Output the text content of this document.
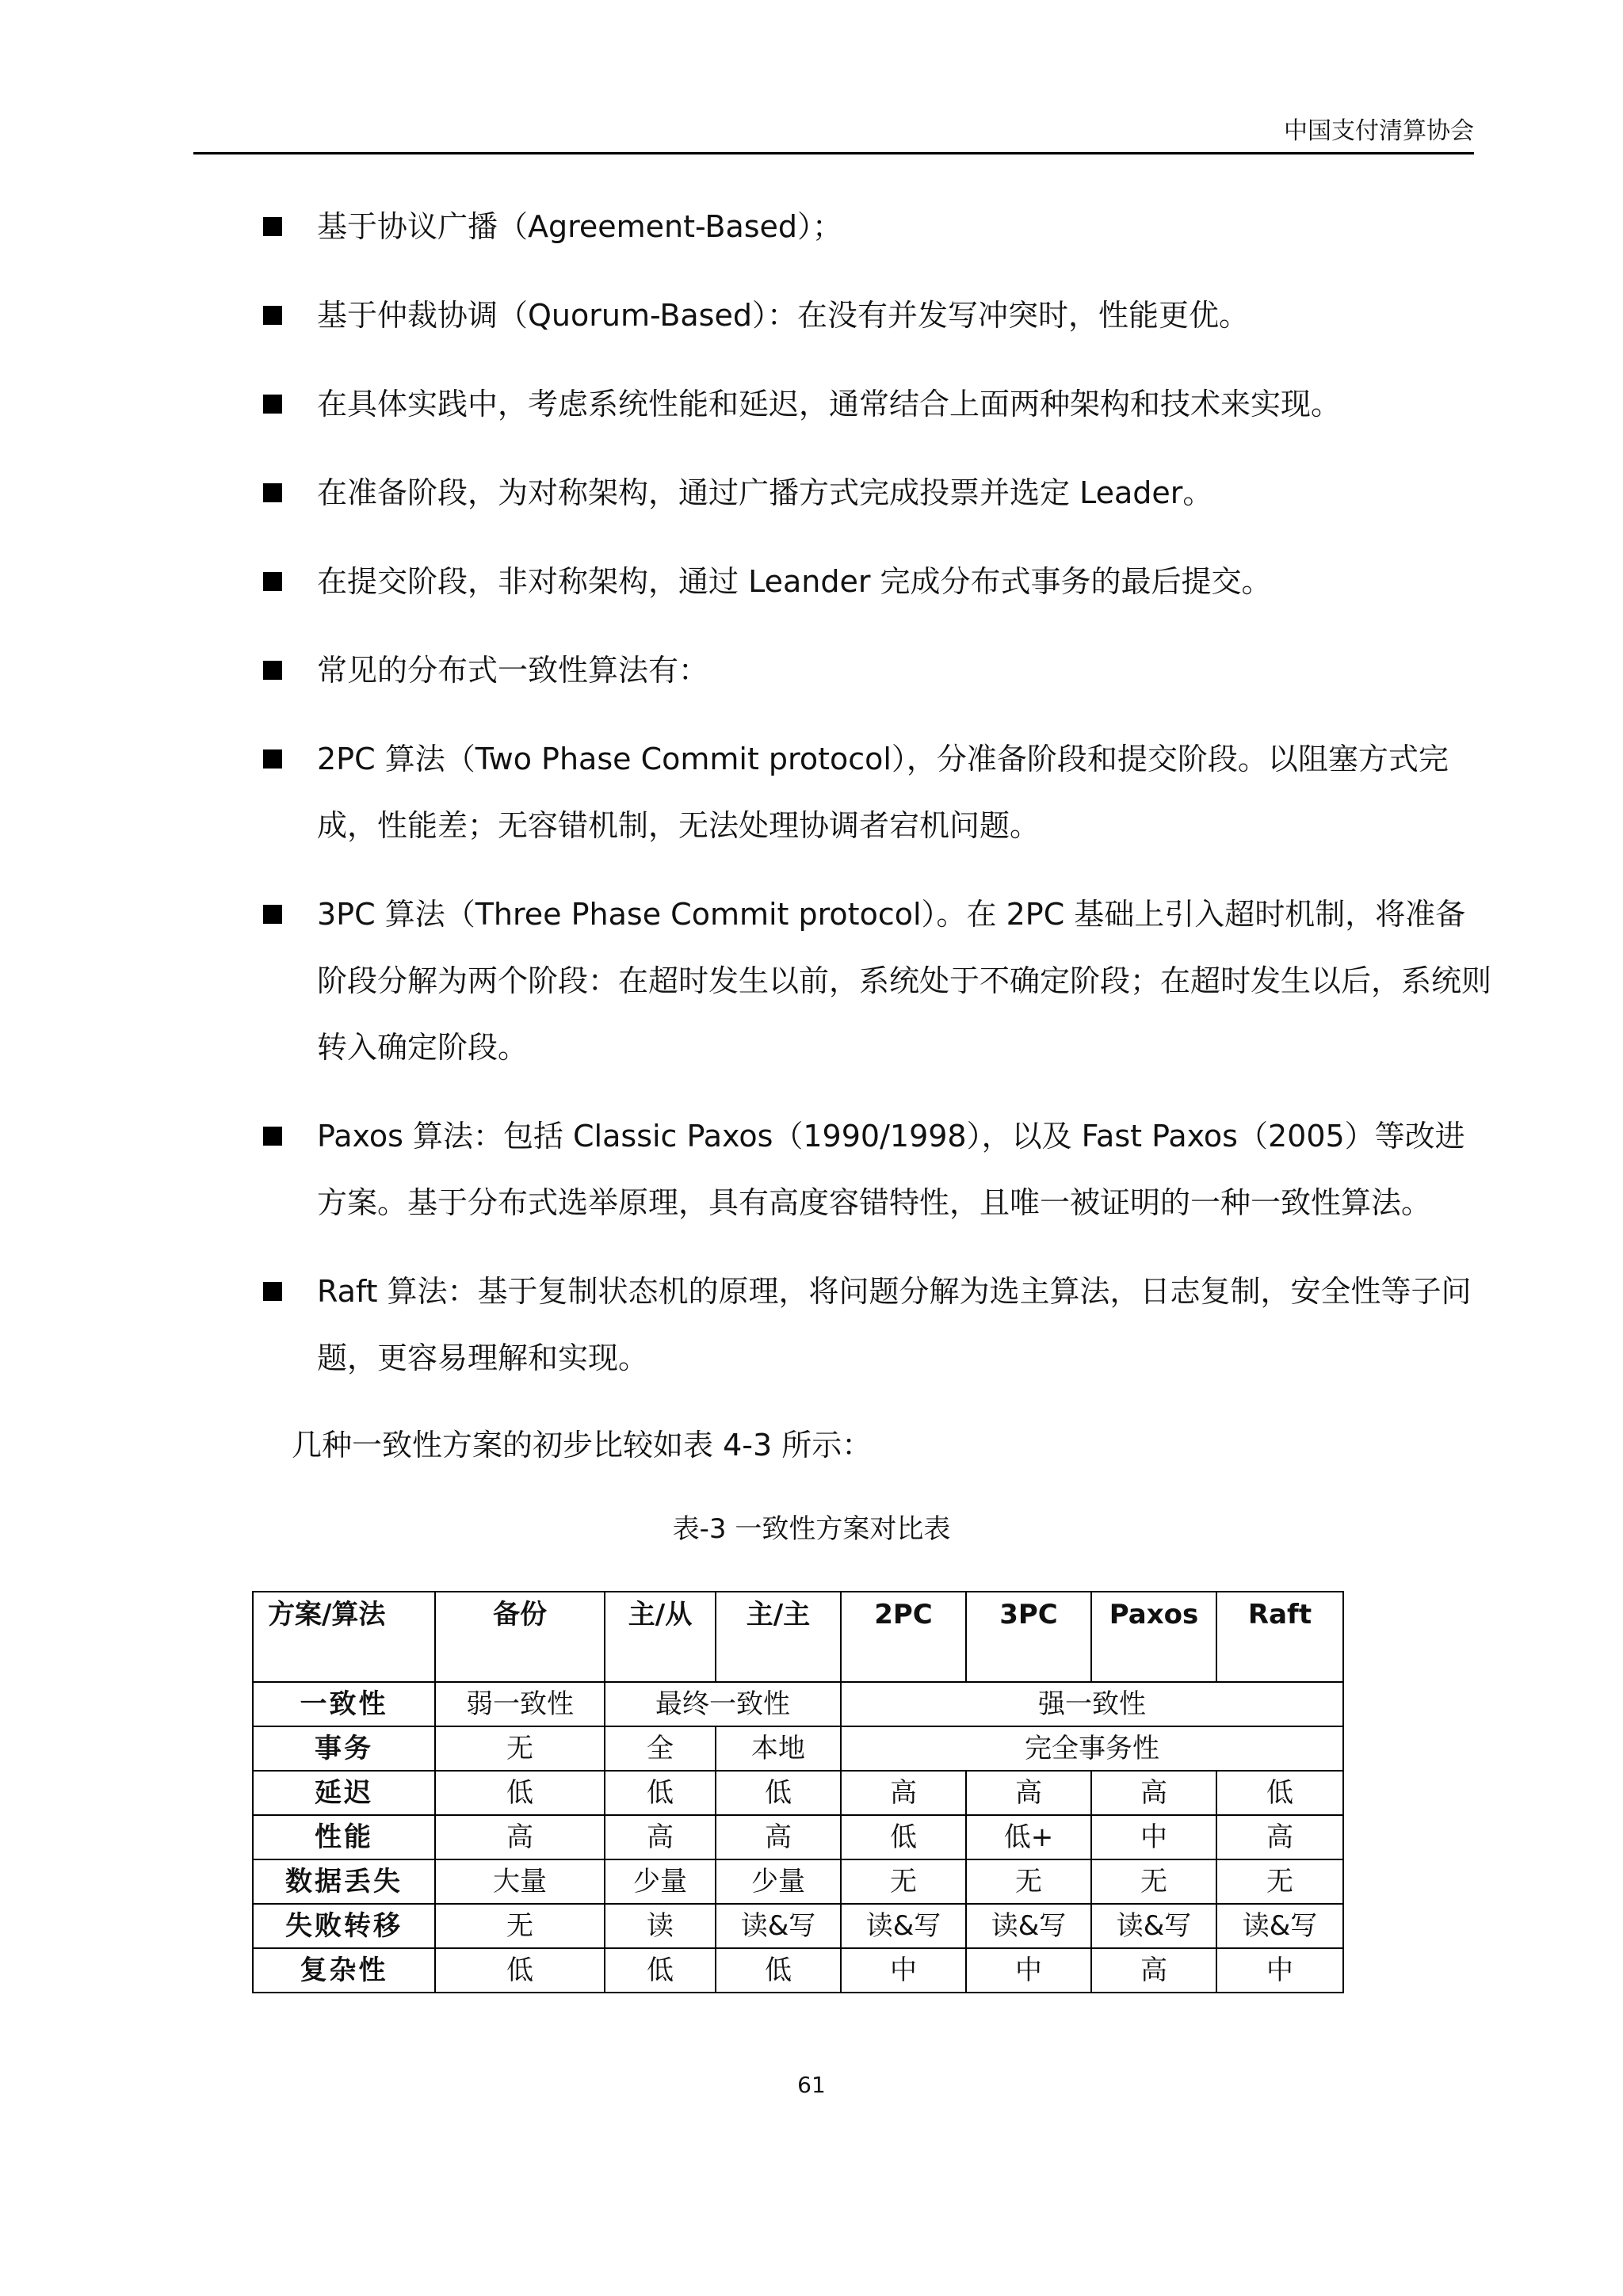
中国支付清算协会
基于协议广播（Agreement-Based）；
基于仲裁协调（Quorum-Based）：在没有并发写冲突时，性能更优。
在具体实践中，考虑系统性能和延迟，通常结合上面两种架构和技术来实现。
在准备阶段，为对称架构，通过广播方式完成投票并选定 Leader。
在提交阶段，非对称架构，通过 Leander 完成分布式事务的最后提交。
常见的分布式一致性算法有：
2PC 算法（Two Phase Commit protocol），分准备阶段和提交阶段。以阻塞方式完成，性能差；无容错机制，无法处理协调者宕机问题。
3PC 算法（Three Phase Commit protocol）。在 2PC 基础上引入超时机制，将准备阶段分解为两个阶段：在超时发生以前，系统处于不确定阶段；在超时发生以后，系统则转入确定阶段。
Paxos 算法：包括 Classic Paxos（1990/1998），以及 Fast Paxos（2005）等改进方案。基于分布式选举原理，具有高度容错特性，且唯一被证明的一种一致性算法。
Raft 算法：基于复制状态机的原理，将问题分解为选主算法，日志复制，安全性等子问题，更容易理解和实现。
几种一致性方案的初步比较如表 4-3 所示：
表-3 一致性方案对比表
方案/算法	备份	主/从	主/主	2PC	3PC	Paxos	Raft
一致性	弱一致性	最终一致性		强一致性			
事务	无	全	本地	完全事务性			
延迟	低	低	低	高	高	高	低
性能	高	高	高	低	低+	中	高
数据丢失	大量	少量	少量	无	无	无	无
失败转移	无	读	读&写	读&写	读&写	读&写	读&写
复杂性	低	低	低	中	中	高	中
61
